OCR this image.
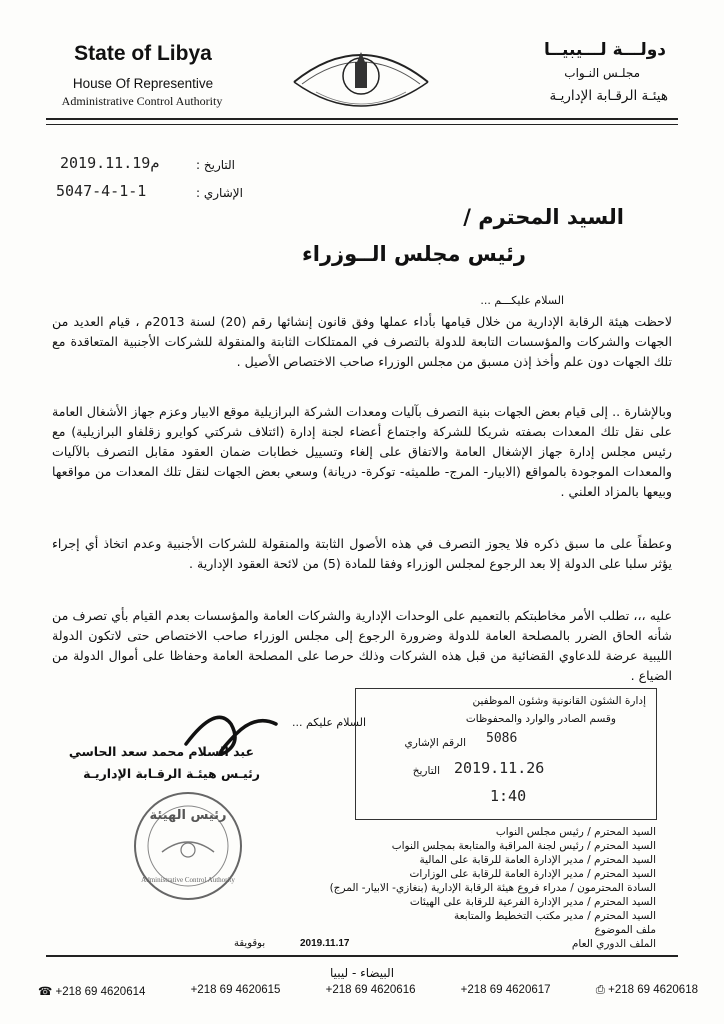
State of Libya
House Of Representive
Administrative Control Authority
دولـــة لـــيبيــا
مجلـس النـواب
هيئـة الرقـابة الإداريـة
2019.11.19م	التاريخ :
5047-4-1-1	الإشاري :
السيد المحترم /
رئيس مجلس الــوزراء
السلام عليكـــم ...
لاحظت هيئة الرقابة الإدارية من خلال قيامها بأداء عملها وفق قانون إنشائها رقم (20) لسنة 2013م ، قيام العديد من الجهات والشركات والمؤسسات التابعة للدولة بالتصرف في الممتلكات الثابتة والمنقولة للشركات الأجنبية المتعاقدة مع تلك الجهات دون علم وأخذ إذن مسبق من مجلس الوزراء صاحب الاختصاص الأصيل .
وبالإشارة .. إلى قيام بعض الجهات بنية التصرف بآليات ومعدات الشركة البرازيلية موقع الابيار وعزم جهاز الأشغال العامة على نقل تلك المعدات بصفته شريكا للشركة واجتماع أعضاء لجنة إدارة (ائتلاف شركتي كوايرو زقلفاو البرازيلية) مع رئيس مجلس إدارة جهاز الإشغال العامة والاتفاق على إلغاء وتسييل خطابات ضمان العقود مقابل التصرف بالآليات والمعدات الموجودة بالمواقع (الابيار- المرج- طلميثه- توكرة- دريانة) وسعي بعض الجهات لنقل تلك المعدات من مواقعها وبيعها بالمزاد العلني .
وعطفاً على ما سبق ذكره فلا يجوز التصرف في هذه الأصول الثابتة والمنقولة للشركات الأجنبية وعدم اتخاذ أي إجراء يؤثر سلبا على الدولة إلا بعد الرجوع لمجلس الوزراء وفقا للمادة (5) من لائحة العقود الإدارية .
عليه ،،، تطلب الأمر مخاطبتكم بالتعميم على الوحدات الإدارية والشركات العامة والمؤسسات بعدم القيام بأي تصرف من شأنه الحاق الضرر بالمصلحة العامة للدولة وضرورة الرجوع إلى مجلس الوزراء صاحب الاختصاص حتى لاتكون الدولة الليبية عرضة للدعاوي القضائية من قبل هذه الشركات وذلك حرصا على المصلحة العامة وحفاظا على أموال الدولة من الضياع .
السلام عليكم ...
عبد السلام محمد سعد الحاسي
رئيـس هيئـة الرقـابة الإداريـة
رئيس الهيئة
Administrative Control Authority
إدارة الشئون القانونية وشئون الموظفين
وقسم الصادر والوارد والمحفوظات
الرقم الإشاري 5086
التاريخ 2019.11.26
1:40
السيد المحترم / رئيس مجلس النواب
السيد المحترم / رئيس لجنة المراقبة والمتابعة بمجلس النواب
السيد المحترم / مدير الإدارة العامة للرقابة على المالية
السيد المحترم / مدير الإدارة العامة للرقابة على الوزارات
السادة المحترمون / مدراء فروع هيئة الرقابة الإدارية (بنغازي- الابيار- المرج)
السيد المحترم / مدير الإدارة الفرعية للرقابة على الهيئات
السيد المحترم / مدير مكتب التخطيط والمتابعة
ملف الموضوع
الملف الدوري العام
2019.11.17
بوقويقة
البيضاء - ليبيا
☎ +218 69 4620614	+218 69 4620615	+218 69 4620616	+218 69 4620617	⎙ +218 69 4620618
